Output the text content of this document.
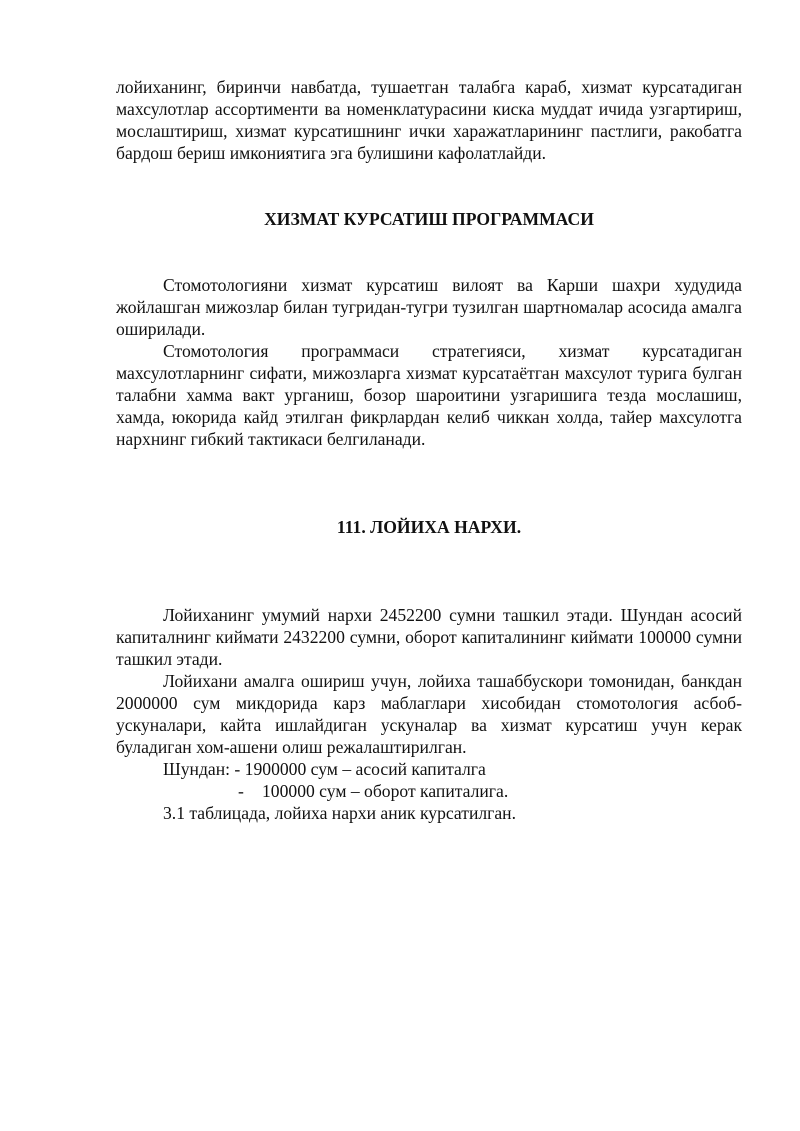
лойиханинг, биринчи навбатда, тушаетган талабга караб, хизмат курсатадиган махсулотлар ассортименти ва номенклатурасини киска муддат ичида узгартириш, мослаштириш, хизмат курсатишнинг ички харажатларининг пастлиги, ракобатга бардош бериш имкониятига эга булишини кафолатлайди.

ХИЗМАТ КУРСАТИШ ПРОГРАММАСИ

Стомотологияни хизмат курсатиш вилоят ва Карши шахри худудида жойлашган мижозлар билан тугридан-тугри тузилган шартномалар асосида амалга оширилади.

Стомотология программаси стратегияси, хизмат курсатадиган махсулотларнинг сифати, мижозларга хизмат курсатаётган махсулот турига булган талабни хамма вакт урганиш, бозор шароитини узгаришига тезда мослашиш, хамда, юкорида кайд этилган фикрлардан келиб чиккан холда, тайер махсулотга нархнинг гибкий тактикаси белгиланади.

111. ЛОЙИХА НАРХИ.

Лойиханинг умумий нархи 2452200 сумни ташкил этади. Шундан асосий капиталнинг киймати 2432200 сумни, оборот капиталининг киймати 100000 сумни ташкил этади.

Лойихани амалга ошириш учун, лойиха ташаббускори томонидан, банкдан 2000000 сум микдорида карз маблаглари хисобидан стомотология асбоб-ускуналари, кайта ишлайдиган ускуналар ва хизмат курсатиш учун керак буладиган хом-ашени олиш режалаштирилган.

Шундан: - 1900000 сум – асосий капиталга

- 100000 сум – оборот капиталига.

3.1 таблицада, лойиха нархи аник курсатилган.
